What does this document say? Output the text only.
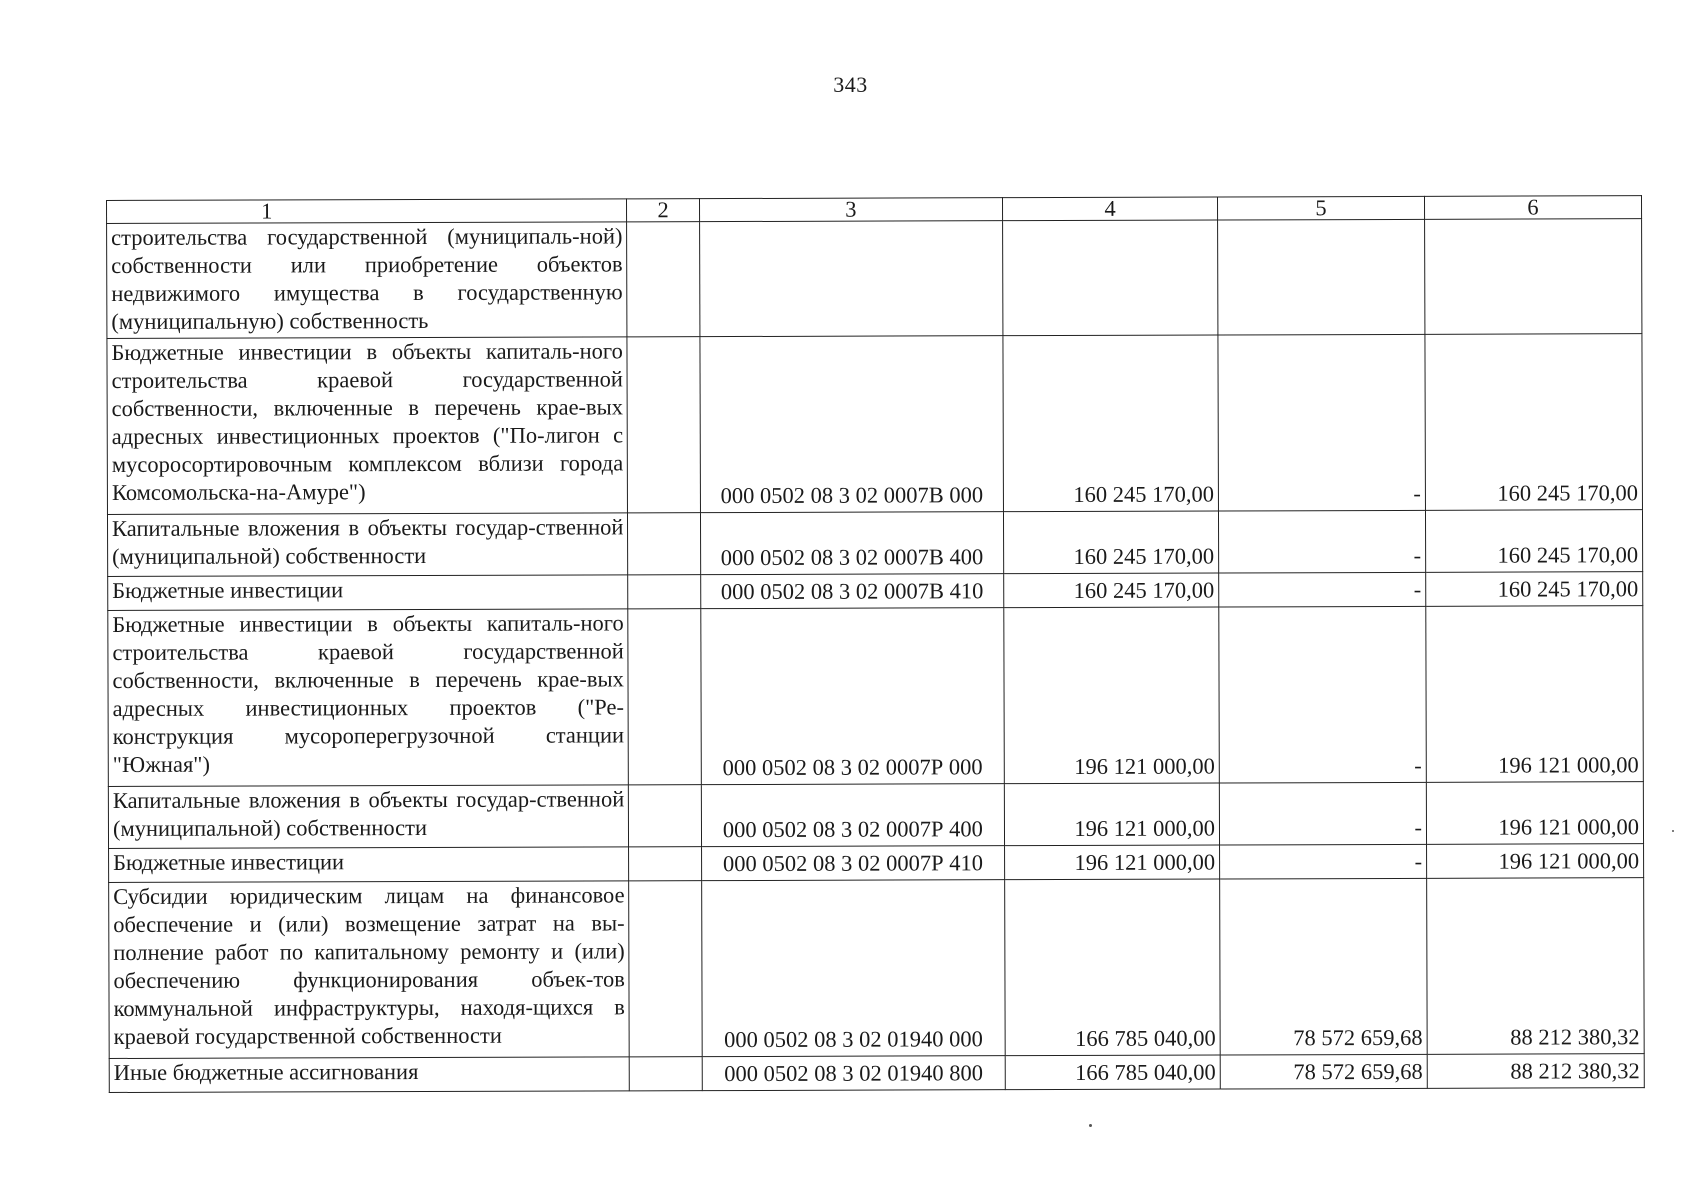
343
1	2	3	4	5	6
строительства государственной (муниципаль-ной) собственности или приобретение объектов недвижимого имущества в государственную (муниципальную) собственность					
Бюджетные инвестиции в объекты капиталь-ного строительства краевой государственной собственности, включенные в перечень крае-вых адресных инвестиционных проектов ("По-лигон с мусоросортировочным комплексом вблизи города Комсомольска-на-Амуре")		000 0502 08 3 02 0007В 000	160 245 170,00	-	160 245 170,00
Капитальные вложения в объекты государ-ственной (муниципальной) собственности		000 0502 08 3 02 0007В 400	160 245 170,00	-	160 245 170,00
Бюджетные инвестиции		000 0502 08 3 02 0007В 410	160 245 170,00	-	160 245 170,00
Бюджетные инвестиции в объекты капиталь-ного строительства краевой государственной собственности, включенные в перечень крае-вых адресных инвестиционных проектов ("Ре-конструкция мусороперегрузочной станции "Южная")		000 0502 08 3 02 0007Р 000	196 121 000,00	-	196 121 000,00
Капитальные вложения в объекты государ-ственной (муниципальной) собственности		000 0502 08 3 02 0007Р 400	196 121 000,00	-	196 121 000,00
Бюджетные инвестиции		000 0502 08 3 02 0007Р 410	196 121 000,00	-	196 121 000,00
Субсидии юридическим лицам на финансовое обеспечение и (или) возмещение затрат на вы-полнение работ по капитальному ремонту и (или) обеспечению функционирования объек-тов коммунальной инфраструктуры, находя-щихся в краевой государственной собственности		000 0502 08 3 02 01940 000	166 785 040,00	78 572 659,68	88 212 380,32
Иные бюджетные ассигнования		000 0502 08 3 02 01940 800	166 785 040,00	78 572 659,68	88 212 380,32
